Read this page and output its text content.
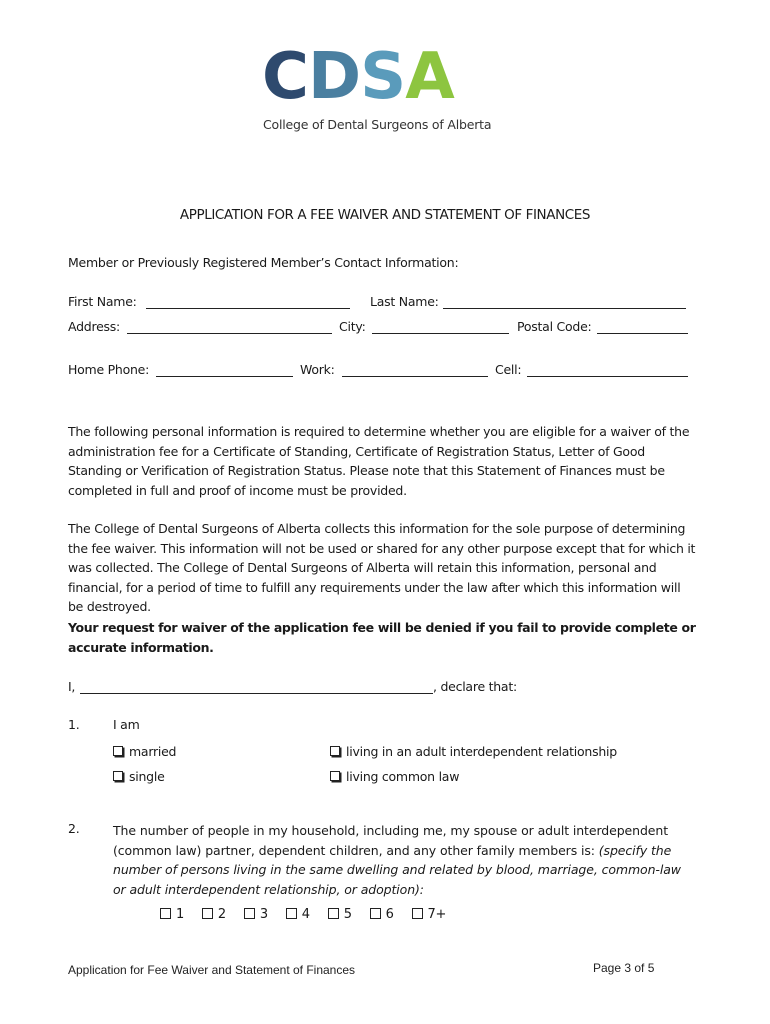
CDSA
College of Dental Surgeons of Alberta
APPLICATION FOR A FEE WAIVER AND STATEMENT OF FINANCES
Member or Previously Registered Member’s Contact Information:
First Name:	Last Name:
Address:	City:	Postal Code:
Home Phone:	Work:	Cell:
The following personal information is required to determine whether you are eligible for a waiver of the administration fee for a Certificate of Standing, Certificate of Registration Status, Letter of Good Standing or Verification of Registration Status. Please note that this Statement of Finances must be completed in full and proof of income must be provided.
The College of Dental Surgeons of Alberta collects this information for the sole purpose of determining the fee waiver. This information will not be used or shared for any other purpose except that for which it was collected. The College of Dental Surgeons of Alberta will retain this information, personal and financial, for a period of time to fulfill any requirements under the law after which this information will be destroyed.
Your request for waiver of the application fee will be denied if you fail to provide complete or accurate information.
I,	, declare that:
1.	I am
married	living in an adult interdependent relationship
single	living common law
2.	The number of people in my household, including me, my spouse or adult interdependent (common law) partner, dependent children, and any other family members is: (specify the number of persons living in the same dwelling and related by blood, marriage, common-law or adult interdependent relationship, or adoption):
1	2	3	4	5	6	7+
Application for Fee Waiver and Statement of Finances	Page 3 of 5
